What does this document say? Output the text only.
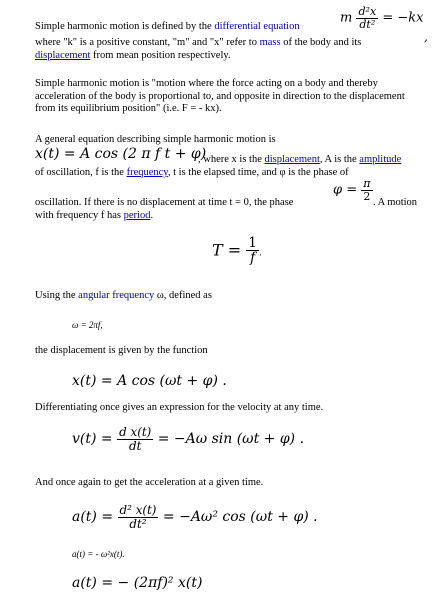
Simple harmonic motion is defined by the differential equation

m $\frac{\text{d²x}}{\text{dt²}} = -kx$
,

where "k" is a positive constant, "m" and "x" refer to mass of the body and its
displacement from mean position respectively.

Simple harmonic motion is "motion where the force acting on a body and thereby acceleration of the body is proportional to, and opposite in direction to the displacement from its equilibrium position" (i.e. F = - kx).

A general equation describing simple harmonic motion is

x(t) = A cos (2 π f t + φ)

, where x is the displacement, A is the amplitude

of oscillation, f is the frequency, t is the elapsed time, and φ is the phase of

oscillation. If there is no displacement at time t = 0, the phase

$\varphi = \frac{\pi}{2}$

. A motion

with frequency f has period.

$T = \frac{1}{f}$ .

Using the angular frequency ω, defined as

ω = 2πf,

the displacement is given by the function

x(t) = A cos (ωt + φ) .

Differentiating once gives an expression for the velocity at any time.

$v(t) = \frac{\text{d x(t)}}{dt} = -A\omega$ sin (ωt + φ) .

And once again to get the acceleration at a given time.

$a(t) = \frac{\text{d² x(t)}}{\text{dt²}} = -A\omega^2$ cos (ωt + φ) .

a(t) = - ω²x(t).

a(t) = − (2πf)² x(t)
